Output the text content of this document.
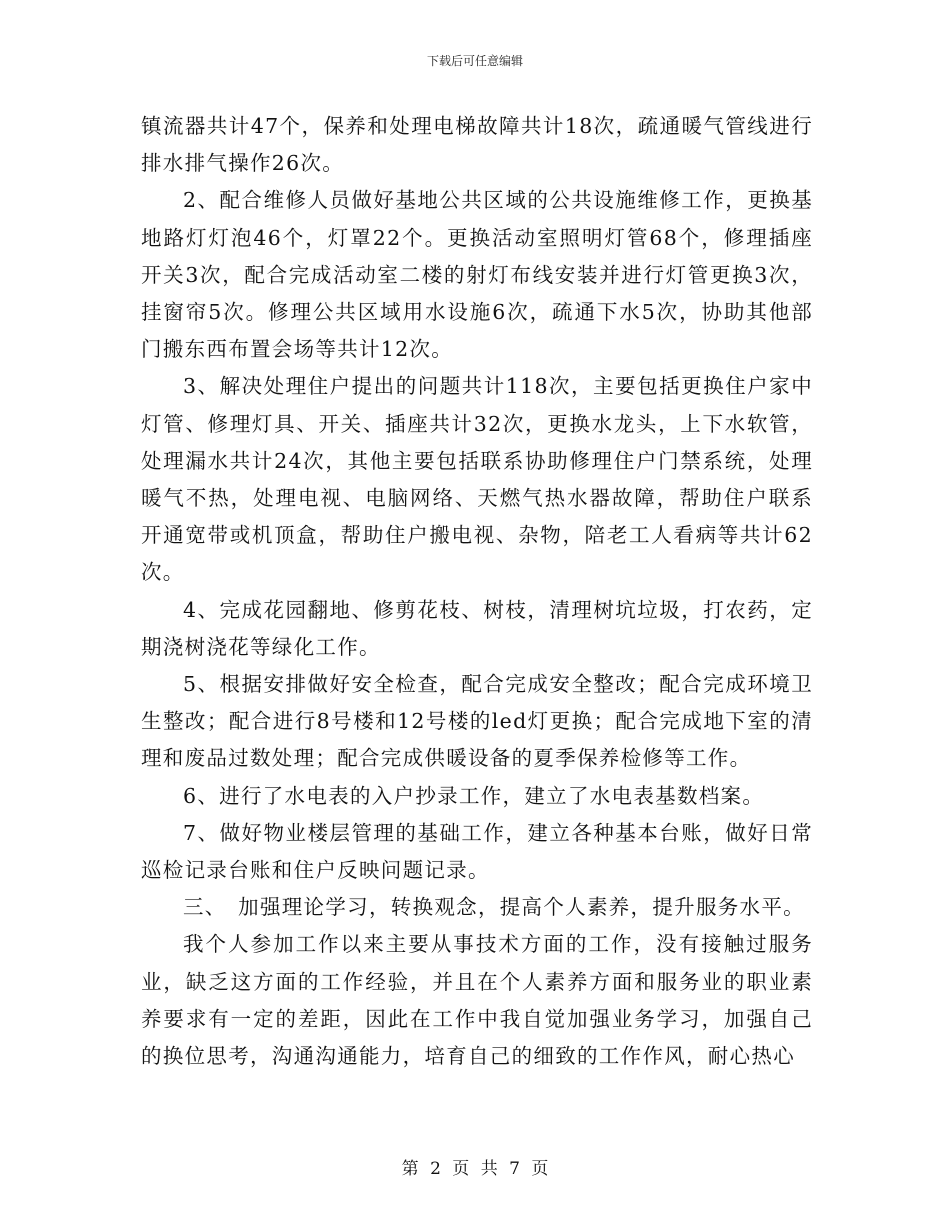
下载后可任意编辑

镇流器共计47个，保养和处理电梯故障共计18次，疏通暖气管线进行排水排气操作26次。

2、配合维修人员做好基地公共区域的公共设施维修工作，更换基地路灯灯泡46个，灯罩22个。更换活动室照明灯管68个，修理插座开关3次，配合完成活动室二楼的射灯布线安装并进行灯管更换3次，挂窗帘5次。修理公共区域用水设施6次，疏通下水5次，协助其他部门搬东西布置会场等共计12次。

3、解决处理住户提出的问题共计118次，主要包括更换住户家中灯管、修理灯具、开关、插座共计32次，更换水龙头，上下水软管，处理漏水共计24次，其他主要包括联系协助修理住户门禁系统，处理暖气不热，处理电视、电脑网络、天燃气热水器故障，帮助住户联系开通宽带或机顶盒，帮助住户搬电视、杂物，陪老工人看病等共计62次。

4、完成花园翻地、修剪花枝、树枝，清理树坑垃圾，打农药，定期浇树浇花等绿化工作。

5、根据安排做好安全检查，配合完成安全整改；配合完成环境卫生整改；配合进行8号楼和12号楼的led灯更换；配合完成地下室的清理和废品过数处理；配合完成供暖设备的夏季保养检修等工作。

6、进行了水电表的入户抄录工作，建立了水电表基数档案。

7、做好物业楼层管理的基础工作，建立各种基本台账，做好日常巡检记录台账和住户反映问题记录。

三、　加强理论学习，转换观念，提高个人素养，提升服务水平。

我个人参加工作以来主要从事技术方面的工作，没有接触过服务业，缺乏这方面的工作经验，并且在个人素养方面和服务业的职业素养要求有一定的差距，因此在工作中我自觉加强业务学习，加强自己的换位思考，沟通沟通能力，培育自己的细致的工作作风，耐心热心

第 2 页 共 7 页
